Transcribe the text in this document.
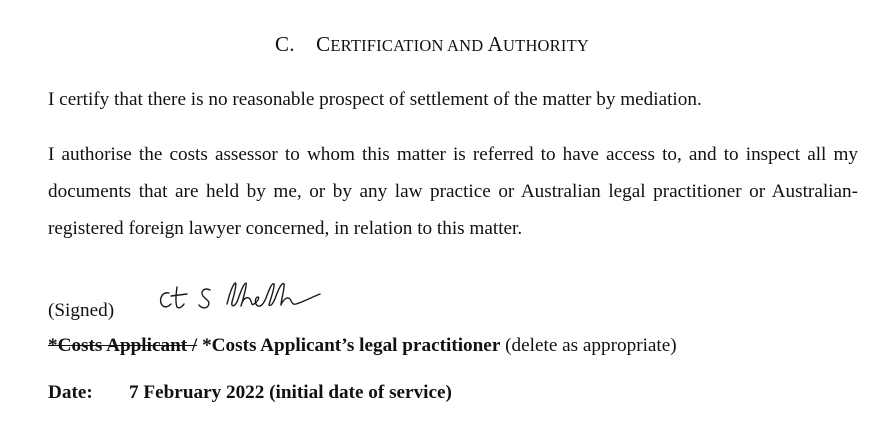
C. CERTIFICATION AND AUTHORITY

I certify that there is no reasonable prospect of settlement of the matter by mediation.

I authorise the costs assessor to whom this matter is referred to have access to, and to inspect all my documents that are held by me, or by any law practice or Australian legal practitioner or Australian-registered foreign lawyer concerned, in relation to this matter.

(Signed)
*Costs Applicant / *Costs Applicant’s legal practitioner (delete as appropriate)
Date: 7 February 2022 (initial date of service)
